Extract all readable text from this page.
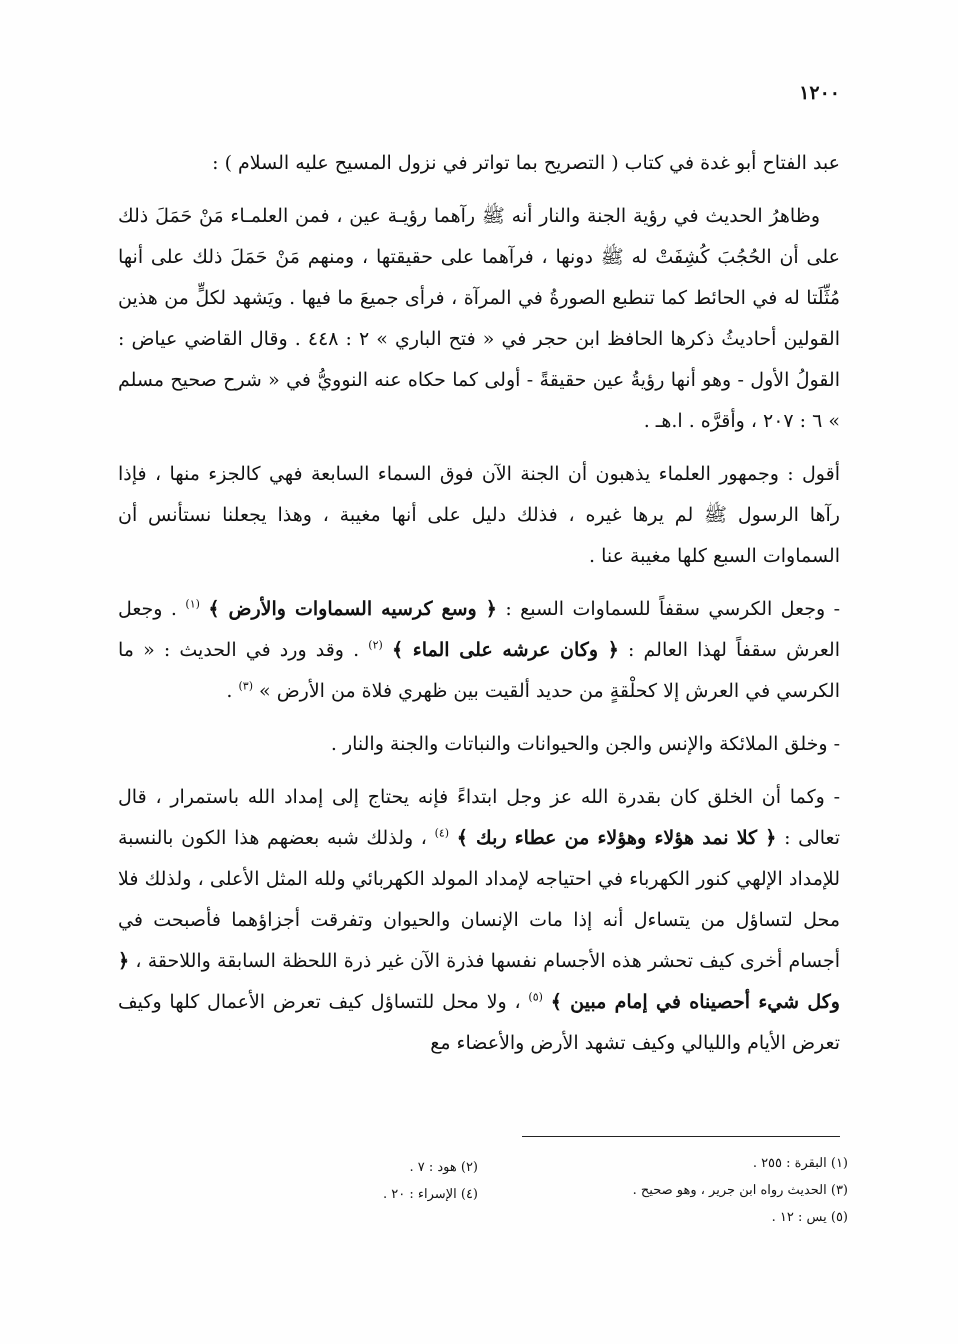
١٢٠٠

عبد الفتاح أبو غدة في كتاب ( التصريح بما تواتر في نزول المسيح عليه السلام ) :

وظاهرُ الحديث في رؤية الجنة والنار أنه ﷺ رآهما رؤيـة عين ، فمن العلمـاء مَنْ حَمَلَ ذلك على أن الحُجُبَ كُشِفَتْ له ﷺ دونها ، فرآهما على حقيقتها ، ومنهم مَنْ حَمَلَ ذلك على أنها مُثِّلَتا له في الحائط كما تنطبع الصورةُ في المرآة ، فرأى جميعَ ما فيها . ويَشهد لكلٍّ من هذين القولين أحاديثُ ذكرها الحافظ ابن حجر في « فتح الباري » ٢ : ٤٤٨ . وقال القاضي عياض : القولُ الأول - وهو أنها رؤيةُ عين حقيقةً - أولى كما حكاه عنه النوويُّ في « شرح صحيح مسلم » ٦ : ٢٠٧ ، وأقرَّه . ا.هـ .

أقول : وجمهور العلماء يذهبون أن الجنة الآن فوق السماء السابعة فهي كالجزء منها ، فإذا رآها الرسول ﷺ لم يرها غيره ، فذلك دليل على أنها مغيبة ، وهذا يجعلنا نستأنس أن السماوات السبع كلها مغيبة عنا .

- وجعل الكرسي سقفاً للسماوات السبع : ﴿ وسع كرسيه السماوات والأرض ﴾ $^{(١)}$ . وجعل العرش سقفاً لهذا العالم : ﴿ وكان عرشه على الماء ﴾ $^{(٢)}$ . وقد ورد في الحديث : « ما الكرسي في العرش إلا كحلْقةٍ من حديد ألقيت بين ظهري فلاة من الأرض » $^{(٣)}$ .

- وخلق الملائكة والإنس والجن والحيوانات والنباتات والجنة والنار .

- وكما أن الخلق كان بقدرة الله عز وجل ابتداءً فإنه يحتاج إلى إمداد الله باستمرار ، قال تعالى : ﴿ كلا نمد هؤلاء وهؤلاء من عطاء ربك ﴾ $^{(٤)}$ ، ولذلك شبه بعضهم هذا الكون بالنسبة للإمداد الإلهي كنور الكهرباء في احتياجه لإمداد المولد الكهربائي ولله المثل الأعلى ، ولذلك فلا محل لتساؤل من يتساءل أنه إذا مات الإنسان والحيوان وتفرقت أجزاؤهما فأصبحت في أجسام أخرى كيف تحشر هذه الأجسام نفسها فذرة الآن غير ذرة اللحظة السابقة واللاحقة ، ﴿ وكل شيء أحصيناه في إمام مبين ﴾ $^{(٥)}$ ، ولا محل للتساؤل كيف تعرض الأعمال كلها وكيف تعرض الأيام والليالي وكيف تشهد الأرض والأعضاء مع

(١) البقرة : ٢٥٥ .
(٣) الحديث رواه ابن جرير ، وهو صحيح .
(٥) يس : ١٢ .
(٢) هود : ٧ .
(٤) الإسراء : ٢٠ .
